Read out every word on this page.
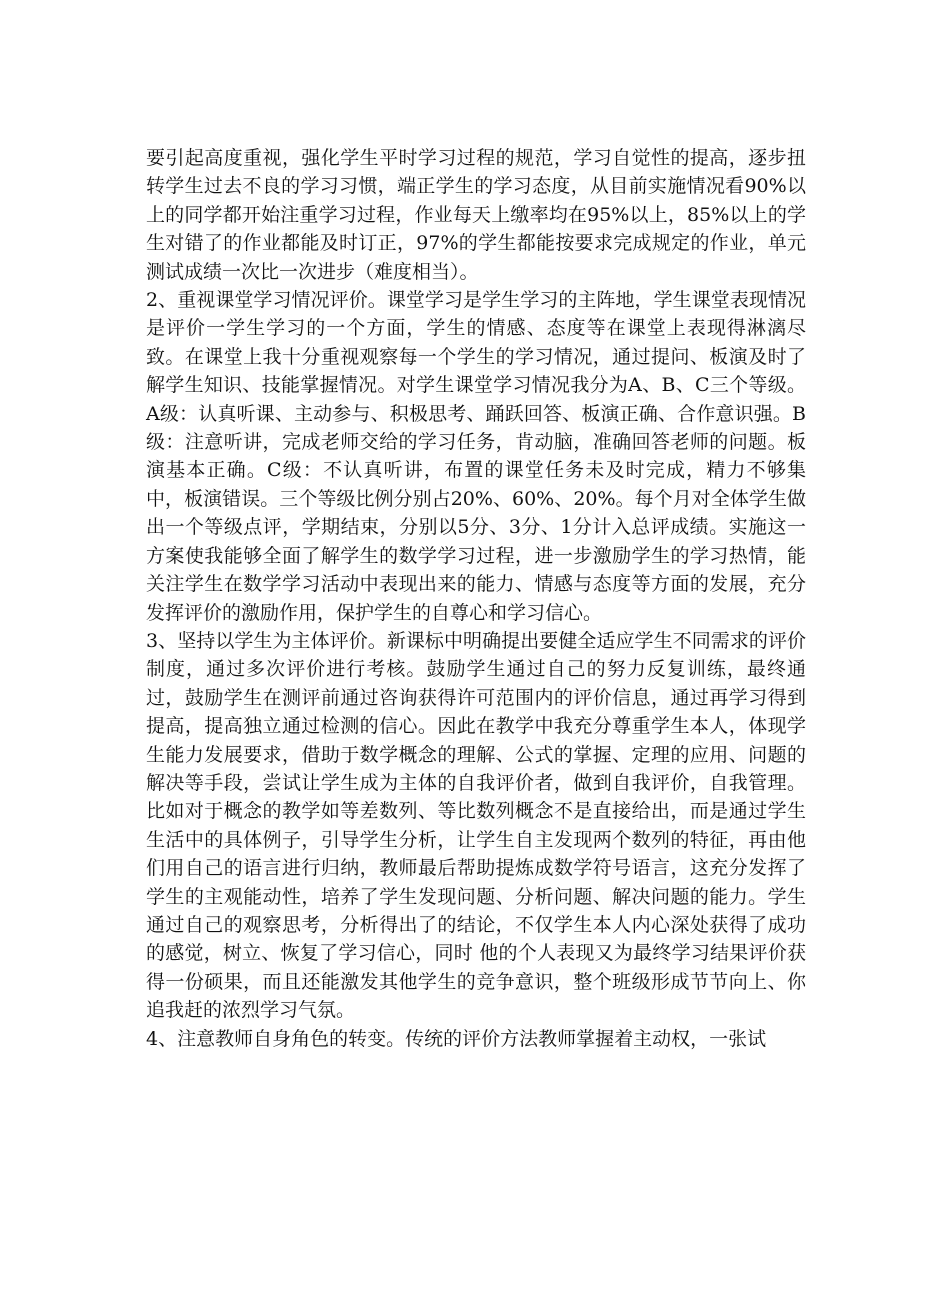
要引起高度重视，强化学生平时学习过程的规范，学习自觉性的提高，逐步扭转学生过去不良的学习习惯，端正学生的学习态度，从目前实施情况看90%以上的同学都开始注重学习过程，作业每天上缴率均在95%以上，85%以上的学生对错了的作业都能及时订正，97%的学生都能按要求完成规定的作业，单元测试成绩一次比一次进步（难度相当）。

2、重视课堂学习情况评价。课堂学习是学生学习的主阵地，学生课堂表现情况是评价一学生学习的一个方面，学生的情感、态度等在课堂上表现得淋漓尽致。在课堂上我十分重视观察每一个学生的学习情况，通过提问、板演及时了解学生知识、技能掌握情况。对学生课堂学习情况我分为A、B、C三个等级。A级：认真听课、主动参与、积极思考、踊跃回答、板演正确、合作意识强。B级：注意听讲，完成老师交给的学习任务，肯动脑，准确回答老师的问题。板演基本正确。C级：不认真听讲，布置的课堂任务未及时完成，精力不够集中，板演错误。三个等级比例分别占20%、60%、20%。每个月对全体学生做出一个等级点评，学期结束，分别以5分、3分、1分计入总评成绩。实施这一方案使我能够全面了解学生的数学学习过程，进一步激励学生的学习热情，能关注学生在数学学习活动中表现出来的能力、情感与态度等方面的发展，充分发挥评价的激励作用，保护学生的自尊心和学习信心。

3、坚持以学生为主体评价。新课标中明确提出要健全适应学生不同需求的评价制度，通过多次评价进行考核。鼓励学生通过自己的努力反复训练，最终通过，鼓励学生在测评前通过咨询获得许可范围内的评价信息，通过再学习得到提高，提高独立通过检测的信心。因此在教学中我充分尊重学生本人，体现学生能力发展要求，借助于数学概念的理解、公式的掌握、定理的应用、问题的解决等手段，尝试让学生成为主体的自我评价者，做到自我评价，自我管理。比如对于概念的教学如等差数列、等比数列概念不是直接给出，而是通过学生生活中的具体例子，引导学生分析，让学生自主发现两个数列的特征，再由他们用自己的语言进行归纳，教师最后帮助提炼成数学符号语言，这充分发挥了学生的主观能动性，培养了学生发现问题、分析问题、解决问题的能力。学生通过自己的观察思考，分析得出了的结论，不仅学生本人内心深处获得了成功的感觉，树立、恢复了学习信心，同时 他的个人表现又为最终学习结果评价获得一份硕果，而且还能激发其他学生的竞争意识，整个班级形成节节向上、你追我赶的浓烈学习气氛。

4、注意教师自身角色的转变。传统的评价方法教师掌握着主动权，一张试
